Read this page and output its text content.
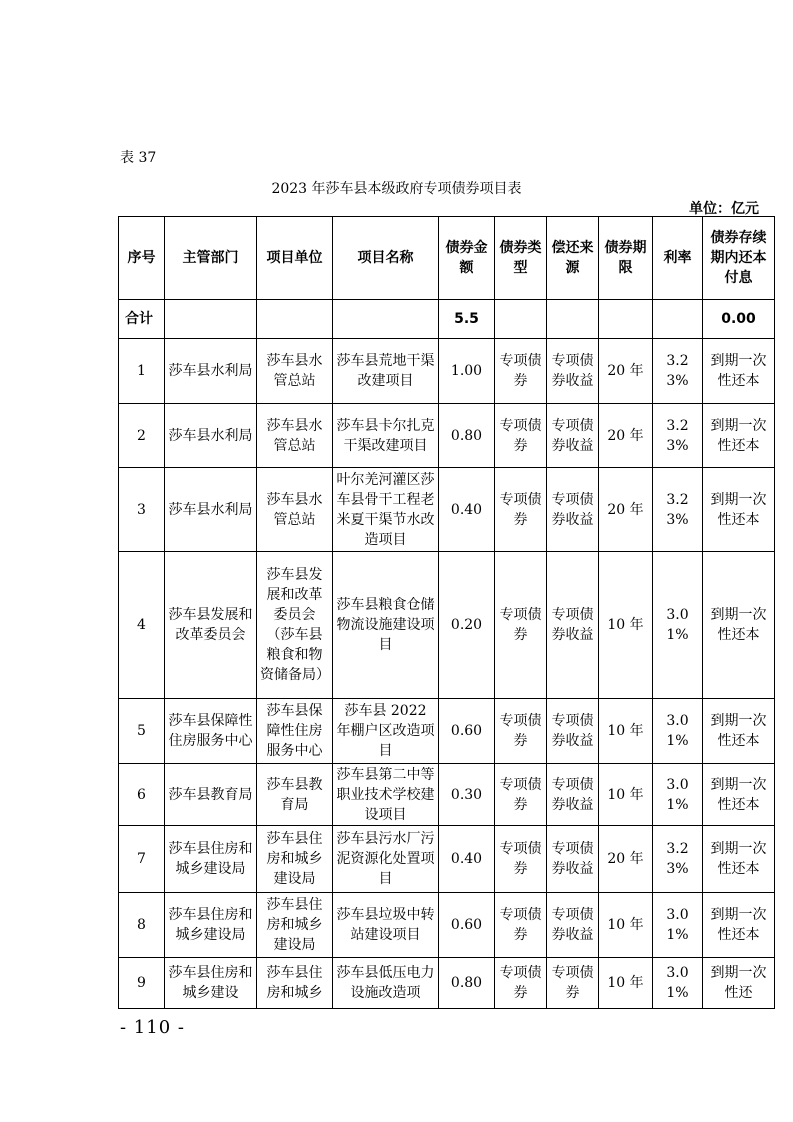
表 37
2023 年莎车县本级政府专项债券项目表
单位：亿元
序号	主管部门	项目单位	项目名称	债券金额	债券类型	偿还来源	债券期限	利率	债券存续期内还本付息
合计				5.5					0.00
1	莎车县水利局	莎车县水管总站	莎车县荒地干渠改建项目	1.00	专项债券	专项债券收益	20 年	3.23%	到期一次性还本
2	莎车县水利局	莎车县水管总站	莎车县卡尔扎克干渠改建项目	0.80	专项债券	专项债券收益	20 年	3.23%	到期一次性还本
3	莎车县水利局	莎车县水管总站	叶尔羌河灌区莎车县骨干工程老米夏干渠节水改造项目	0.40	专项债券	专项债券收益	20 年	3.23%	到期一次性还本
4	莎车县发展和改革委员会	莎车县发展和改革委员会（莎车县粮食和物资储备局）	莎车县粮食仓储物流设施建设项目	0.20	专项债券	专项债券收益	10 年	3.01%	到期一次性还本
5	莎车县保障性住房服务中心	莎车县保障性住房服务中心	莎车县 2022 年棚户区改造项目	0.60	专项债券	专项债券收益	10 年	3.01%	到期一次性还本
6	莎车县教育局	莎车县教育局	莎车县第二中等职业技术学校建设项目	0.30	专项债券	专项债券收益	10 年	3.01%	到期一次性还本
7	莎车县住房和城乡建设局	莎车县住房和城乡建设局	莎车县污水厂污泥资源化处置项目	0.40	专项债券	专项债券收益	20 年	3.23%	到期一次性还本
8	莎车县住房和城乡建设局	莎车县住房和城乡建设局	莎车县垃圾中转站建设项目	0.60	专项债券	专项债券收益	10 年	3.01%	到期一次性还本
9	莎车县住房和城乡建设	莎车县住房和城乡	莎车县低压电力设施改造项	0.80	专项债券	专项债券	10 年	3.01%	到期一次性还
- 110 -
